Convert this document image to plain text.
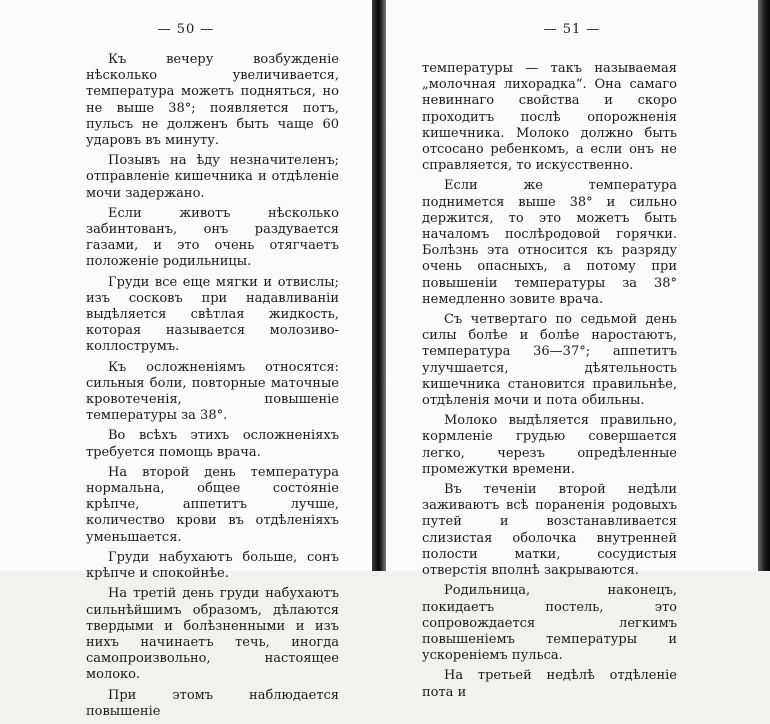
— 50 —

Къ вечеру возбужденіе нѣсколько увеличивается, температура можетъ подняться, но не выше 38°; появляется потъ, пульсъ не долженъ быть чаще 60 ударовъ въ минуту.

Позывъ на ѣду незначителенъ; отправленіе кишечника и отдѣленіе мочи задержано.

Если животъ нѣсколько забинтованъ, онъ раздувается газами, и это очень отягчаетъ положеніе родильницы.

Груди все еще мягки и отвислы; изъ сосковъ при надавливаніи выдѣляется свѣтлая жидкость, которая называется молозиво-коллострумъ.

Къ осложненіямъ относятся: сильныя боли, повторные маточные кровотеченія, повышеніе температуры за 38°.

Во всѣхъ этихъ осложненіяхъ требуется помощь врача.

На второй день температура нормальна, общее состояніе крѣпче, аппетитъ лучше, количество крови въ отдѣленіяхъ уменьшается.

Груди набухаютъ больше, сонъ крѣпче и спокойнѣе.

На третій день груди набухаютъ сильнѣйшимъ образомъ, дѣлаются твердыми и болѣзненными и изъ нихъ начинаетъ течь, иногда самопроизвольно, настоящее молоко.

При этомъ наблюдается повышеніе

— 51 —

температуры — такъ называемая „молочная лихорадка“. Она самаго невиннаго свойства и скоро проходитъ послѣ опорожненія кишечника. Молоко должно быть отсосано ребенкомъ, а если онъ не справляется, то искусственно.

Если же температура поднимется выше 38° и сильно держится, то это можетъ быть началомъ послѣродовой горячки. Болѣзнь эта относится къ разряду очень опасныхъ, а потому при повышеніи температуры за 38° немедленно зовите врача.

Съ четвертаго по седьмой день силы болѣе и болѣе наростаютъ, температура 36—37°; аппетитъ улучшается, дѣятельность кишечника становится правильнѣе, отдѣленія мочи и пота обильны.

Молоко выдѣляется правильно, кормленіе грудью совершается легко, черезъ опредѣленные промежутки времени.

Въ теченіи второй недѣли заживаютъ всѣ пораненія родовыхъ путей и возстанавливается слизистая оболочка внутренней полости матки, сосудистыя отверстія вполнѣ закрываются.

Родильница, наконецъ, покидаетъ постель, это сопровождается легкимъ повышеніемъ температуры и ускореніемъ пульса.

На третьей недѣлѣ отдѣленіе пота и
